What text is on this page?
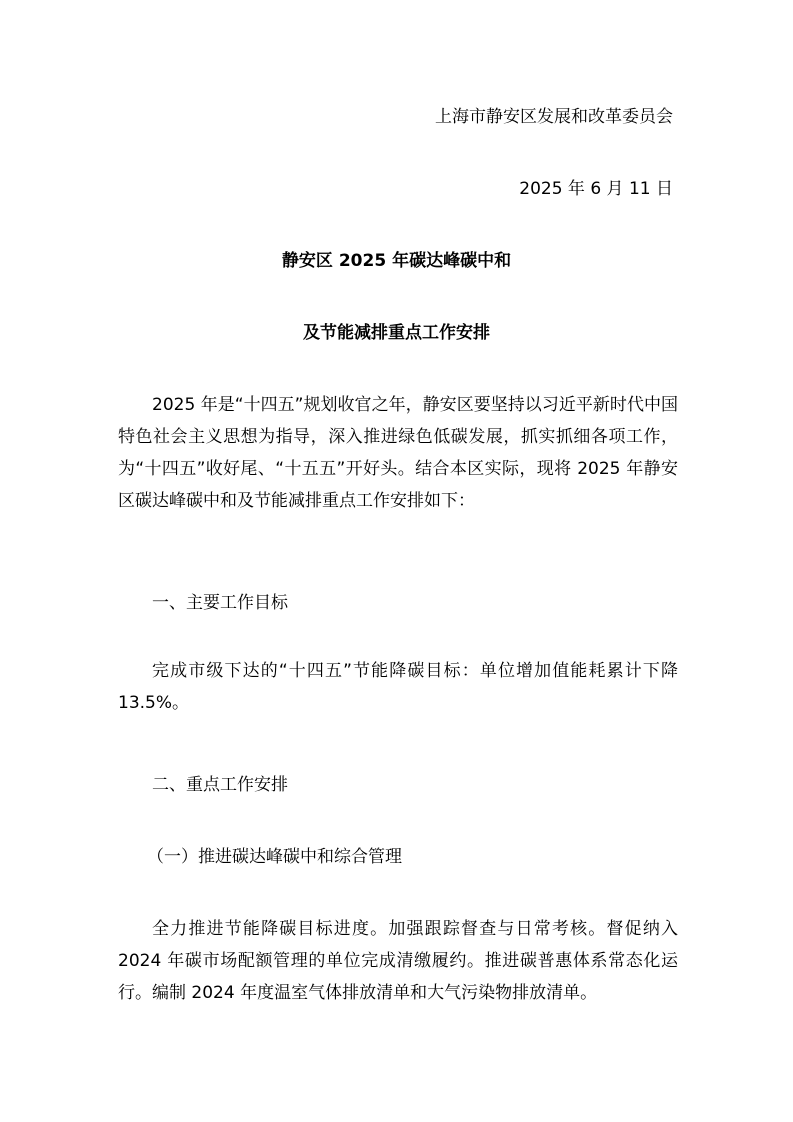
上海市静安区发展和改革委员会
2025 年 6 月 11 日
静安区 2025 年碳达峰碳中和
及节能减排重点工作安排
2025 年是“十四五”规划收官之年，静安区要坚持以习近平新时代中国特色社会主义思想为指导，深入推进绿色低碳发展，抓实抓细各项工作，为“十四五”收好尾、“十五五”开好头。结合本区实际，现将 2025 年静安区碳达峰碳中和及节能减排重点工作安排如下：
一、主要工作目标
完成市级下达的“十四五”节能降碳目标：单位增加值能耗累计下降 13.5%。
二、重点工作安排
（一）推进碳达峰碳中和综合管理
全力推进节能降碳目标进度。加强跟踪督查与日常考核。督促纳入 2024 年碳市场配额管理的单位完成清缴履约。推进碳普惠体系常态化运行。编制 2024 年度温室气体排放清单和大气污染物排放清单。
